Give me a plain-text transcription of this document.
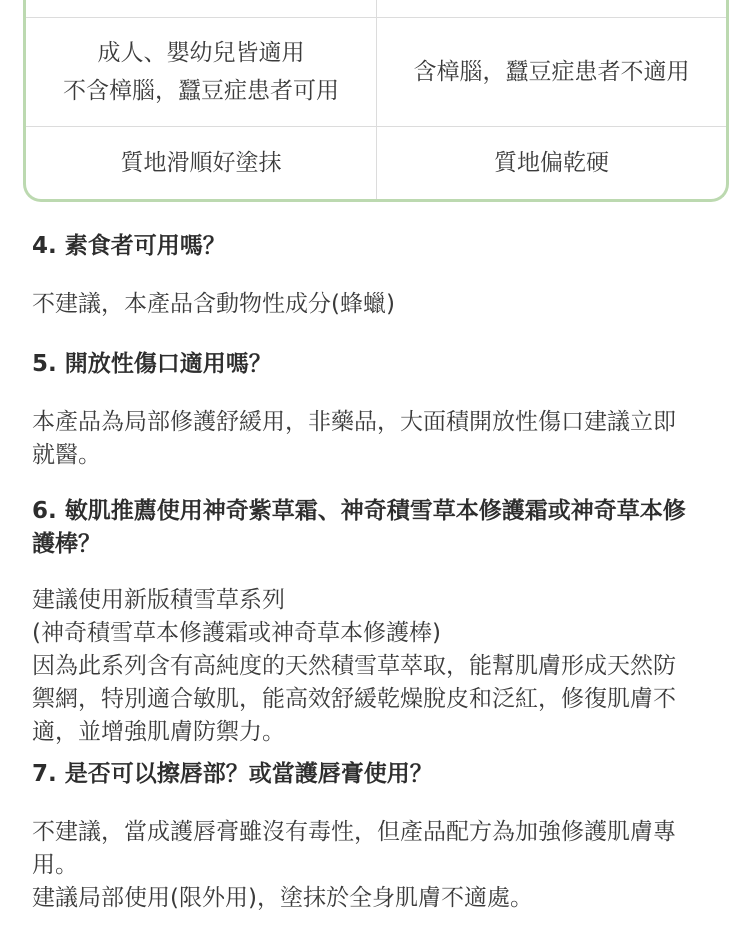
成人、嬰幼兒皆適用
不含樟腦，蠶豆症患者可用
含樟腦，蠶豆症患者不適用
質地滑順好塗抹	質地偏乾硬
4. 素食者可用嗎？
不建議，本產品含動物性成分(蜂蠟)
5. 開放性傷口適用嗎？
本產品為局部修護舒緩用，非藥品，大面積開放性傷口建議立即
就醫。
6. 敏肌推薦使用神奇紫草霜、神奇積雪草本修護霜或神奇草本修
護棒？
建議使用新版積雪草系列
(神奇積雪草本修護霜或神奇草本修護棒)
因為此系列含有高純度的天然積雪草萃取，能幫肌膚形成天然防
禦網，特別適合敏肌，能高效舒緩乾燥脫皮和泛紅，修復肌膚不
適，並增強肌膚防禦力。
7. 是否可以擦唇部？或當護唇膏使用？
不建議，當成護唇膏雖沒有毒性，但產品配方為加強修護肌膚專
用。
建議局部使用(限外用)，塗抹於全身肌膚不適處。
